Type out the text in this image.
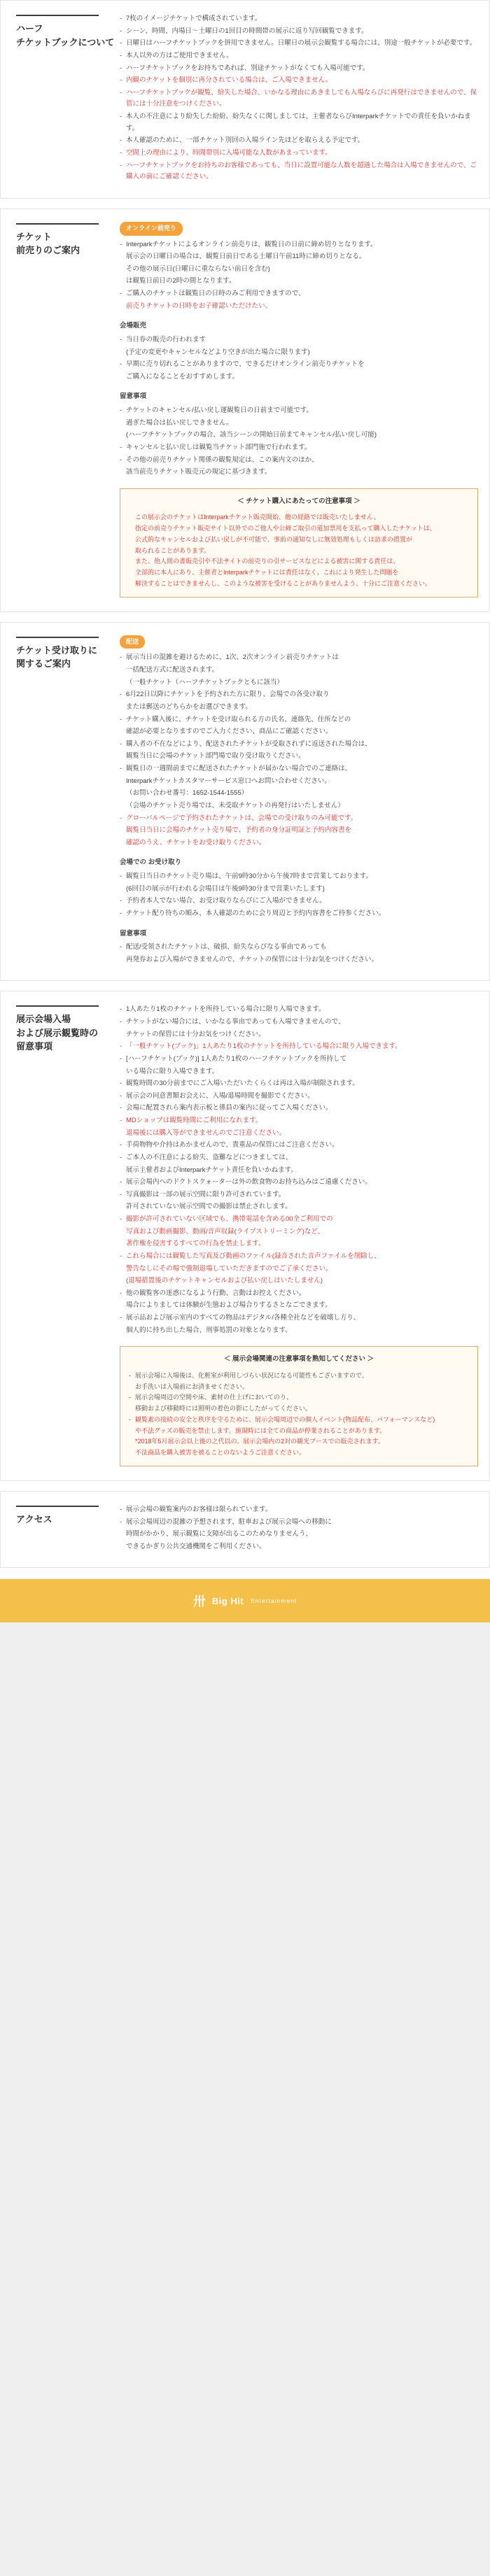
ハーフ
チケットブックについて
- 7枚のイメージチケットで構成されています。
- シーン、時間、内場日～土曜日の1回目の時間帯の展示に返り写回観覧できます。
- 日曜日はハーフチケットブックを併用できません。日曜日の展示会観覧する場合には、別途一般チケットが必要です。
- 本人以外の方はご使用できません。
- ハーフチケットブックをお持ちであれば、別途チケットがなくても入場可能です。
- 内観のチケットを個別に再分されている場合は、ご入場できません。
- ハーフチケットブックが観覧、紛失した場合、いかなる理由にあきましても入場ならびに再発行はできませんので、保管には十分注意をつけください。
- 本人の不注意により紛失した紛紛、紛失なくに関しましては、主催者ならびInterparkチケットでの責任を負いかねます。
- 本人確認のために、一部チケット別回の入場ライン先ほどを取らえる予定です。
- 空間上の理由により、時間帯別に入場可能な人数があまっています。
- ハーフチケットブックをお持ちのお客様であっても、当日に設置可能な人数を超過した場合は入場できませんので、ご購入の前にご確認ください。
チケット
前売りのご案内
オンライン前売り
- Interparkチケットによるオンライン前売りは、観覧日の日前に締め切りとなります。
展示会の日曜日の場合は、観覧日前日である土曜日午前11時に締め切りとなる。
その他の展示日(日曜日に重ならない前日を含む)
は観覧日前日の2時の間となります。
- ご購入のチケットは観覧日の日時のみご利用できますので、
前売りチケットの日時をお子確認いただけたい。
会場販売
- 当日券の販売の行われます
(予定の変更やキャンセルなどより空きが出た場合に限ります)
- 早期に売り切れることがありますので、できるだけオンライン前売りチケットを
ご購入になることをおすすめします。
留意事項
- チケットのキャンセル/払い戻し運観覧日の日前まで可能です。
過ぎた場合は払い戻しできません。
(ハーフチケットブックの場合、該当シーンの開始日前まてキャンセル/払い戻し可能)
- キャンセルと払い戻しは観覧当チケット部門施で行われます。
- その他の前売りチケット関係の観覧規定は、この案内文のほか、
該当前売りチケット販売元の規定に基づきます。
＜ チケット購入にあたっての注意事項 ＞
この展示会のチケットはInterparkチケット販売開始、他の経路では販売いたしません。
指定の前売りチケット販売サイト以外でのご他人や公締ご取引の道加票用を支払って購入したチケットは、
公式的なキャンセルおよび払い戻しが不可能で、事前の通知なしに無効処理もしくは訪求の措置が
取られることがあります。
また、他人間の書販売引や不法サイトの前売りの引サービスなどによる被害に関する責任は、
全部的に本人にあり、主催者とInterparkチケットには責任はなく、これにより発生した問題を
解決することはできませんし、このような被害を受けることがありませんよう、十分にご注意ください。
チケット受け取りに
関するご案内
配送
- 展示当日の混雑を避けるために、1次、2次オンライン前売りチケットは
一括配送方式に配送されます。
（一般チケット（ハーフチケットブックともに該当）
- 6月22日以降にチケットを予約された方に限り、会場での各受け取り
または郵送のどちらかをお選びできます。
- チケット購入後に、チケットを受け取られる方の氏名、連絡先、住所などの
確認が必要となりますのでご入力ください、商品にご確認ください。
- 購入者の不在などにより、配送されたチケットが受取されずに返送された場合は、
観覧当日に会場のチケット部門場で取り受け取りください。
- 観覧日の一週間前までに配送されたチケットが届かない場合でのご連絡は、
Interparkチケットカスタマーサービス窓口へお問い合わせください。
（お問い合わせ番号：1652-1544-1555）
（会場のチケット売り場では、未受取チケットの再発行はいたしません）
- グローバルページで予約されたチケットは、会場での受け取りのみ可能です。
観覧日当日に会場のチケット売り場で、予約者の身分証明証と予約内容書を
確認のうえ、チケットをお受け取りください。
会場での お受け取り
- 観覧日当日のチケット売り場は、午前9時30分から午後7時まで営業しております。
(6回目の展示が行われる会場目は午後9時30分まで営業いたします)
- 予約者本人でない場合、お受け取りならびにご入場ができません。
- チケット配り待ちの順み、本人確認のために会り周辺と予約内容書をご持参ください。
留意事項
- 配送/受領されたチケットは、破損、紛失ならびなる事由であっても
再発券および入場ができませんので、チケットの保管には十分お気をつけください。
展示会場入場
および展示観覧時の
留意事項
- 1人あたり1枚のチケットを所持している場合に限り入場できます。
- チケットがない場合には、いかなる事由であっても入場できませんので、
チケットの保管には十分お気をつけください。
- 「一般チケット(ブック)」1人あたり1枚のチケットを所持している場合に限り入場できます。
- [ハーフチケット(ブック)] 1人あたり1枚のハーフチケットブックを所持して
いる場合に限り入場できます。
- 観覧時間の30分前までにご入場いただいたくらくは再は入場が制限されます。
- 展示会の同意書類お会えに、入場/退場時間を撮影でください。
- 会場に配置されら案内表示板と係員の案内に従ってご入場ください。
- MDショップは観覧時間にご利用になれます。
退場後には購入等ができませんのでご注意ください。
- 手荷物物や介持はあかませんので、貴重品の保管にはご注意ください。
- ご本人の不注意による紛失、盗難などにつきましては、
展示主催者およびInterparkチケット責任を負いかねます。
- 展示会場内へのドクトスクォーターは外の飲食物のお持ち込みはご遠慮ください。
- 写真撮影は一部の展示空間に限り許可されています。
許可されていない展示空間での撮影は禁止されします。
- 撮影が許可されていない区域でも、携帯電話を含める00全ご利用での
写真および動画撮影、動画/音声収録(ライブストリーミング)など、
著作権を侵害するすべての行為を禁止します。
- これら場合には観覧した写真及び動画のファイル(録音された音声ファイルを削除し、
警告なしにその場で強制退場していただきますのでご了承ください。
(退場措置後のチケットキャンセルおよび払い戻しはいたしません)
- 他の観覧客の迷惑になるよう行動、言動はお控えください。
場合によりましては体験が生態および場合りするさとなごできます。
- 展示品および展示室内のすべての物品はデジタル/各種全社などを破壊し方り、
個人的に持ち出した場合、刑事処罰の対象となります。
＜ 展示会場関連の注意事項を熟知してください ＞
- 展示会場に入場後は、化粧室が利用しづらい状況になる可能性もございますので、
お手洗いは入場前にお済ませください。
- 展示会場周辺の空間や床、素材の仕上げにおいてのり、
移動および移動時には照明の着色の影にしたがってください。
- 観覧素の接続の安全と秩序を守るために、展示会場周辺での個人イベント(物品配布、パフォーマンスなど)
や不法グッズの販売を禁止します。施規時には全ての商品が停業されることがあります。
*2018年5月展示会以上後の之代以の、展示会場内の2対の観光ブースでの販売されます。
不法商品を購入被害を被ることのないようご注意ください。
アクセス
- 展示会場の観覧案内のお客様は限られています。
- 展示会場周辺の混雑の予想されます、駐車および展示会場への移動に
時間がかかり、展示観覧に支障が出るこのためなりませんう、
できるかぎり公共交通機関をご利用ください。
卅 Big Hit Entertainment
